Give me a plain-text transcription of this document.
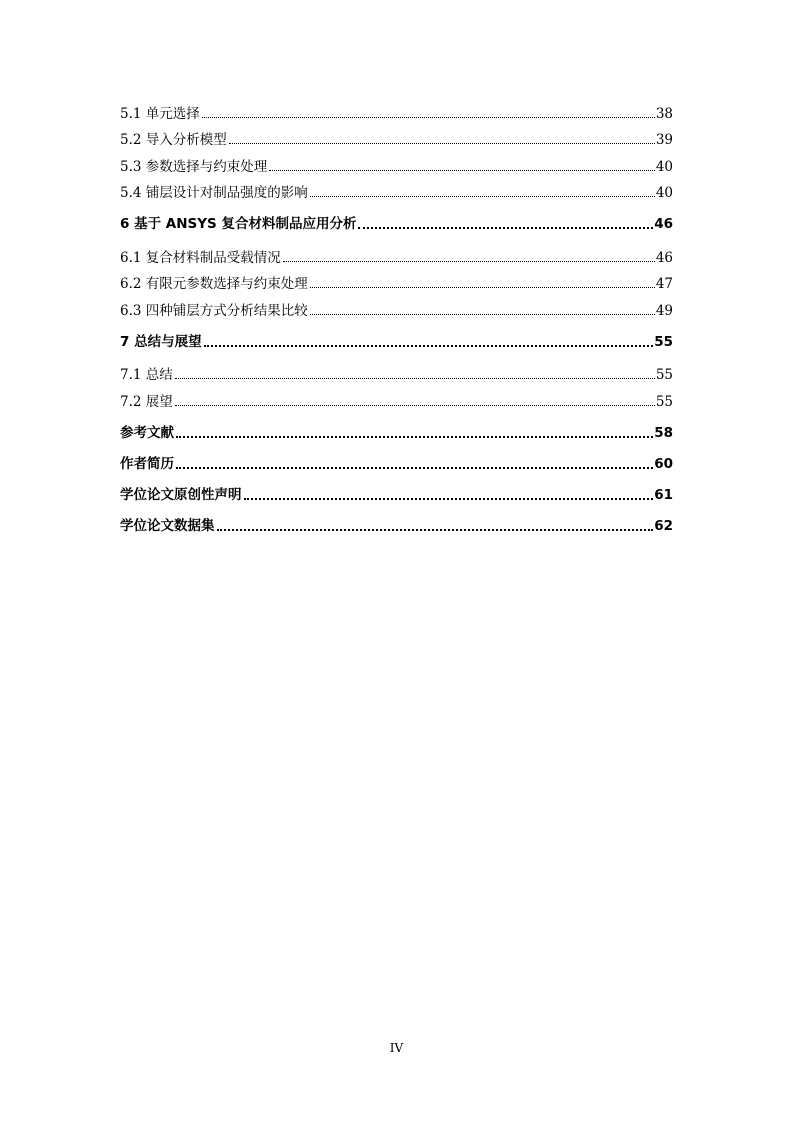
5.1 单元选择	38
5.2 导入分析模型	39
5.3 参数选择与约束处理	40
5.4 铺层设计对制品强度的影响	40
6 基于 ANSYS 复合材料制品应用分析	46
6.1 复合材料制品受载情况	46
6.2 有限元参数选择与约束处理	47
6.3 四种铺层方式分析结果比较	49
7 总结与展望	55
7.1 总结	55
7.2 展望	55
参考文献	58
作者简历	60
学位论文原创性声明	61
学位论文数据集	62
IV
